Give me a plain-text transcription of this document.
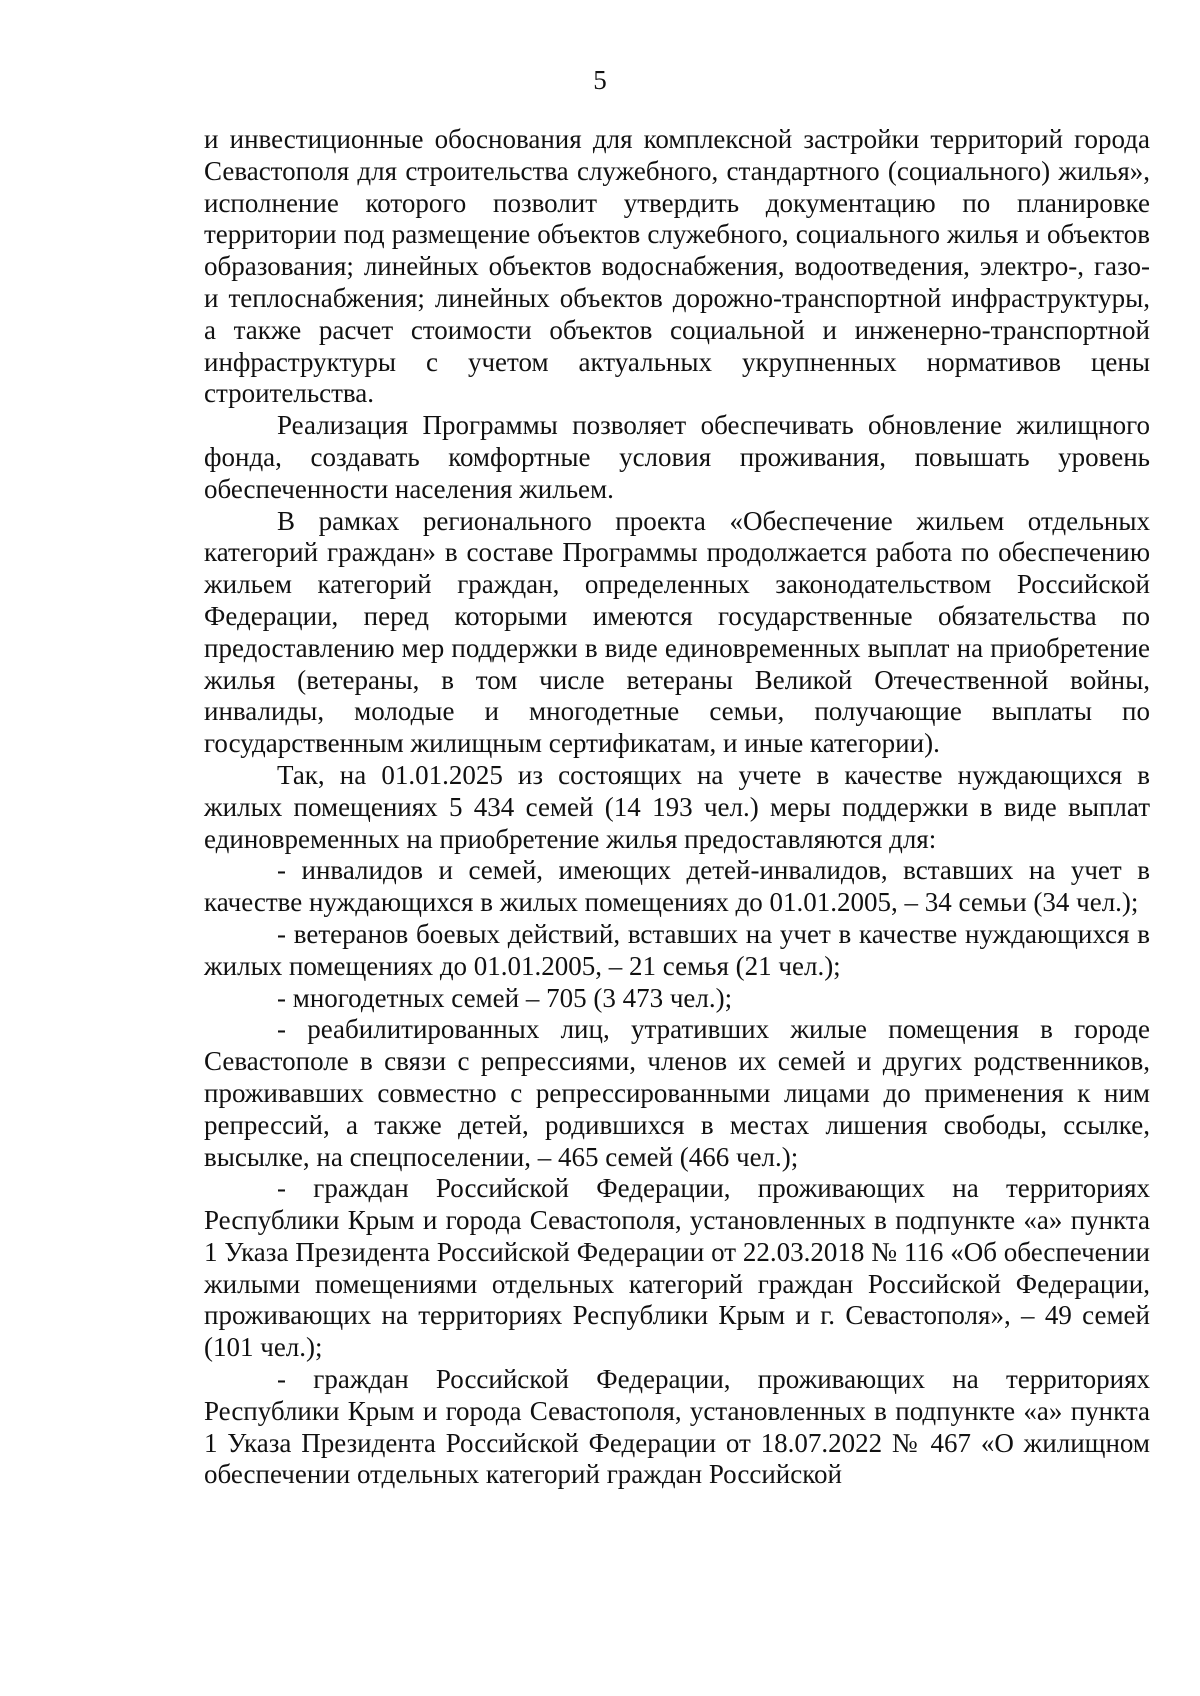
5

и инвестиционные обоснования для комплексной застройки территорий города Севастополя для строительства служебного, стандартного (социального) жилья», исполнение которого позволит утвердить документацию по планировке территории под размещение объектов служебного, социального жилья и объектов образования; линейных объектов водоснабжения, водоотведения, электро-, газо- и теплоснабжения; линейных объектов дорожно-транспортной инфраструктуры, а также расчет стоимости объектов социальной и инженерно-транспортной инфраструктуры с учетом актуальных укрупненных нормативов цены строительства.

Реализация Программы позволяет обеспечивать обновление жилищного фонда, создавать комфортные условия проживания, повышать уровень обеспеченности населения жильем.

В рамках регионального проекта «Обеспечение жильем отдельных категорий граждан» в составе Программы продолжается работа по обеспечению жильем категорий граждан, определенных законодательством Российской Федерации, перед которыми имеются государственные обязательства по предоставлению мер поддержки в виде единовременных выплат на приобретение жилья (ветераны, в том числе ветераны Великой Отечественной войны, инвалиды, молодые и многодетные семьи, получающие выплаты по государственным жилищным сертификатам, и иные категории).

Так, на 01.01.2025 из состоящих на учете в качестве нуждающихся в жилых помещениях 5 434 семей (14 193 чел.) меры поддержки в виде выплат единовременных на приобретение жилья предоставляются для:

- инвалидов и семей, имеющих детей-инвалидов, вставших на учет в качестве нуждающихся в жилых помещениях до 01.01.2005, – 34 семьи (34 чел.);

- ветеранов боевых действий, вставших на учет в качестве нуждающихся в жилых помещениях до 01.01.2005, – 21 семья (21 чел.);

- многодетных семей – 705 (3 473 чел.);

- реабилитированных лиц, утративших жилые помещения в городе Севастополе в связи с репрессиями, членов их семей и других родственников, проживавших совместно с репрессированными лицами до применения к ним репрессий, а также детей, родившихся в местах лишения свободы, ссылке, высылке, на спецпоселении, – 465 семей (466 чел.);

- граждан Российской Федерации, проживающих на территориях Республики Крым и города Севастополя, установленных в подпункте «а» пункта 1 Указа Президента Российской Федерации от 22.03.2018 № 116 «Об обеспечении жилыми помещениями отдельных категорий граждан Российской Федерации, проживающих на территориях Республики Крым и г. Севастополя», – 49 семей (101 чел.);

- граждан Российской Федерации, проживающих на территориях Республики Крым и города Севастополя, установленных в подпункте «а» пункта 1 Указа Президента Российской Федерации от 18.07.2022 № 467 «О жилищном обеспечении отдельных категорий граждан Российской
